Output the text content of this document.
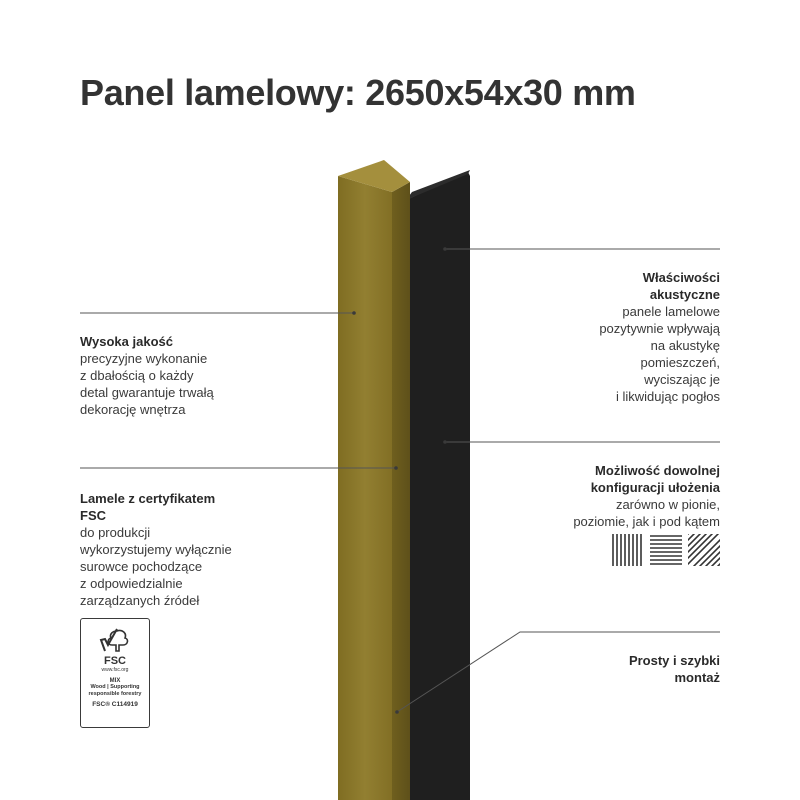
Panel lamelowy: 2650x54x30 mm
Wysoka jakość
precyzyjne wykonanie
z dbałością o każdy
detal gwarantuje trwałą
dekorację wnętrza
Lamele z certyfikatem
FSC
do produkcji
wykorzystujemy wyłącznie
surowce pochodzące
z odpowiedzialnie
zarządzanych źródeł
FSC
www.fsc.org
MIX
Wood | Supporting
responsible forestry
FSC® C114919
Właściwości
akustyczne
panele lamelowe
pozytywnie wpływają
na akustykę
pomieszczeń,
wyciszając je
i likwidując pogłos
Możliwość dowolnej
konfiguracji ułożenia
zarówno w pionie,
poziomie, jak i pod kątem
Prosty i szybki
montaż
